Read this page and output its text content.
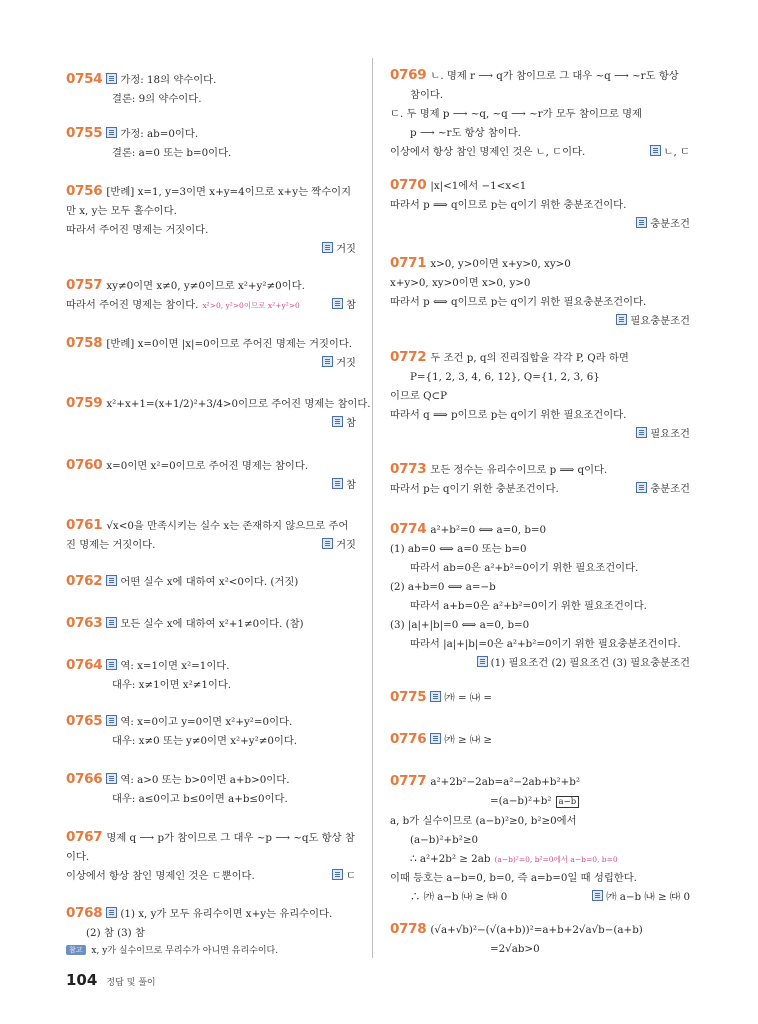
0754 가정: 18의 약수이다.
결론: 9의 약수이다.
0755 가정: ab=0이다.
결론: a=0 또는 b=0이다.
0756 [반례] x=1, y=3이면 x+y=4이므로 x+y는 짝수이지
만 x, y는 모두 홀수이다.
따라서 주어진 명제는 거짓이다.
거짓
0757 xy≠0이면 x≠0, y≠0이므로 x²+y²≠0이다.
따라서 주어진 명제는 참이다. x²>0, y²>0이므로 x²+y²>0	참
0758 [반례] x=0이면 |x|=0이므로 주어진 명제는 거짓이다.
거짓
0759 x²+x+1=(x+1/2)²+3/4>0이므로 주어진 명제는 참이다.
참
0760 x=0이면 x²=0이므로 주어진 명제는 참이다.
참
0761 √x<0을 만족시키는 실수 x는 존재하지 않으므로 주어
진 명제는 거짓이다.	거짓
0762 어떤 실수 x에 대하여 x²<0이다. (거짓)
0763 모든 실수 x에 대하여 x²+1≠0이다. (참)
0764 역: x=1이면 x²=1이다.
대우: x≠1이면 x²≠1이다.
0765 역: x=0이고 y=0이면 x²+y²=0이다.
대우: x≠0 또는 y≠0이면 x²+y²≠0이다.
0766 역: a>0 또는 b>0이면 a+b>0이다.
대우: a≤0이고 b≤0이면 a+b≤0이다.
0767 명제 q ⟶ p가 참이므로 그 대우 ~p ⟶ ~q도 항상 참
이다.
이상에서 항상 참인 명제인 것은 ㄷ뿐이다.	ㄷ
0768 (1) x, y가 모두 유리수이면 x+y는 유리수이다.
(2) 참 (3) 참
0769 ㄴ. 명제 r ⟶ q가 참이므로 그 대우 ~q ⟶ ~r도 항상
참이다.
ㄷ. 두 명제 p ⟶ ~q, ~q ⟶ ~r가 모두 참이므로 명제
p ⟶ ~r도 항상 참이다.
이상에서 항상 참인 명제인 것은 ㄴ, ㄷ이다.	ㄴ, ㄷ
0770 |x|<1에서 −1<x<1
따라서 p ⟹ q이므로 p는 q이기 위한 충분조건이다.
충분조건
0771 x>0, y>0이면 x+y>0, xy>0
x+y>0, xy>0이면 x>0, y>0
따라서 p ⟺ q이므로 p는 q이기 위한 필요충분조건이다.
필요충분조건
0772 두 조건 p, q의 진리집합을 각각 P, Q라 하면
P={1, 2, 3, 4, 6, 12}, Q={1, 2, 3, 6}
이므로 Q⊂P
따라서 q ⟹ p이므로 p는 q이기 위한 필요조건이다.
필요조건
0773 모든 정수는 유리수이므로 p ⟹ q이다.
따라서 p는 q이기 위한 충분조건이다.	충분조건
0774 a²+b²=0 ⟺ a=0, b=0
(1) ab=0 ⟺ a=0 또는 b=0
따라서 ab=0은 a²+b²=0이기 위한 필요조건이다.
(2) a+b=0 ⟺ a=−b
따라서 a+b=0은 a²+b²=0이기 위한 필요조건이다.
(3) |a|+|b|=0 ⟺ a=0, b=0
따라서 |a|+|b|=0은 a²+b²=0이기 위한 필요충분조건이다.
(1) 필요조건 (2) 필요조건 (3) 필요충분조건
0775 ㈎ = ㈏ =
0776 ㈎ ≥ ㈏ ≥
0777 a²+2b²−2ab=a²−2ab+b²+b²
=(a−b)²+b² a−b
a, b가 실수이므로 (a−b)²≥0, b²≥0에서
(a−b)²+b²≥0
∴ a²+2b² ≥ 2ab (a−b)²=0, b²=0에서 a−b=0, b=0
이때 등호는 a−b=0, b=0, 즉 a=b=0일 때 성립한다.
∴ ㈎ a−b ㈏ ≥ ㈐ 0	㈎ a−b ㈏ ≥ ㈐ 0
0778 (√a+√b)²−(√(a+b))²=a+b+2√a√b−(a+b)
=2√ab>0
참고 x, y가 실수이므로 무리수가 아니면 유리수이다.
104 정답 및 풀이
